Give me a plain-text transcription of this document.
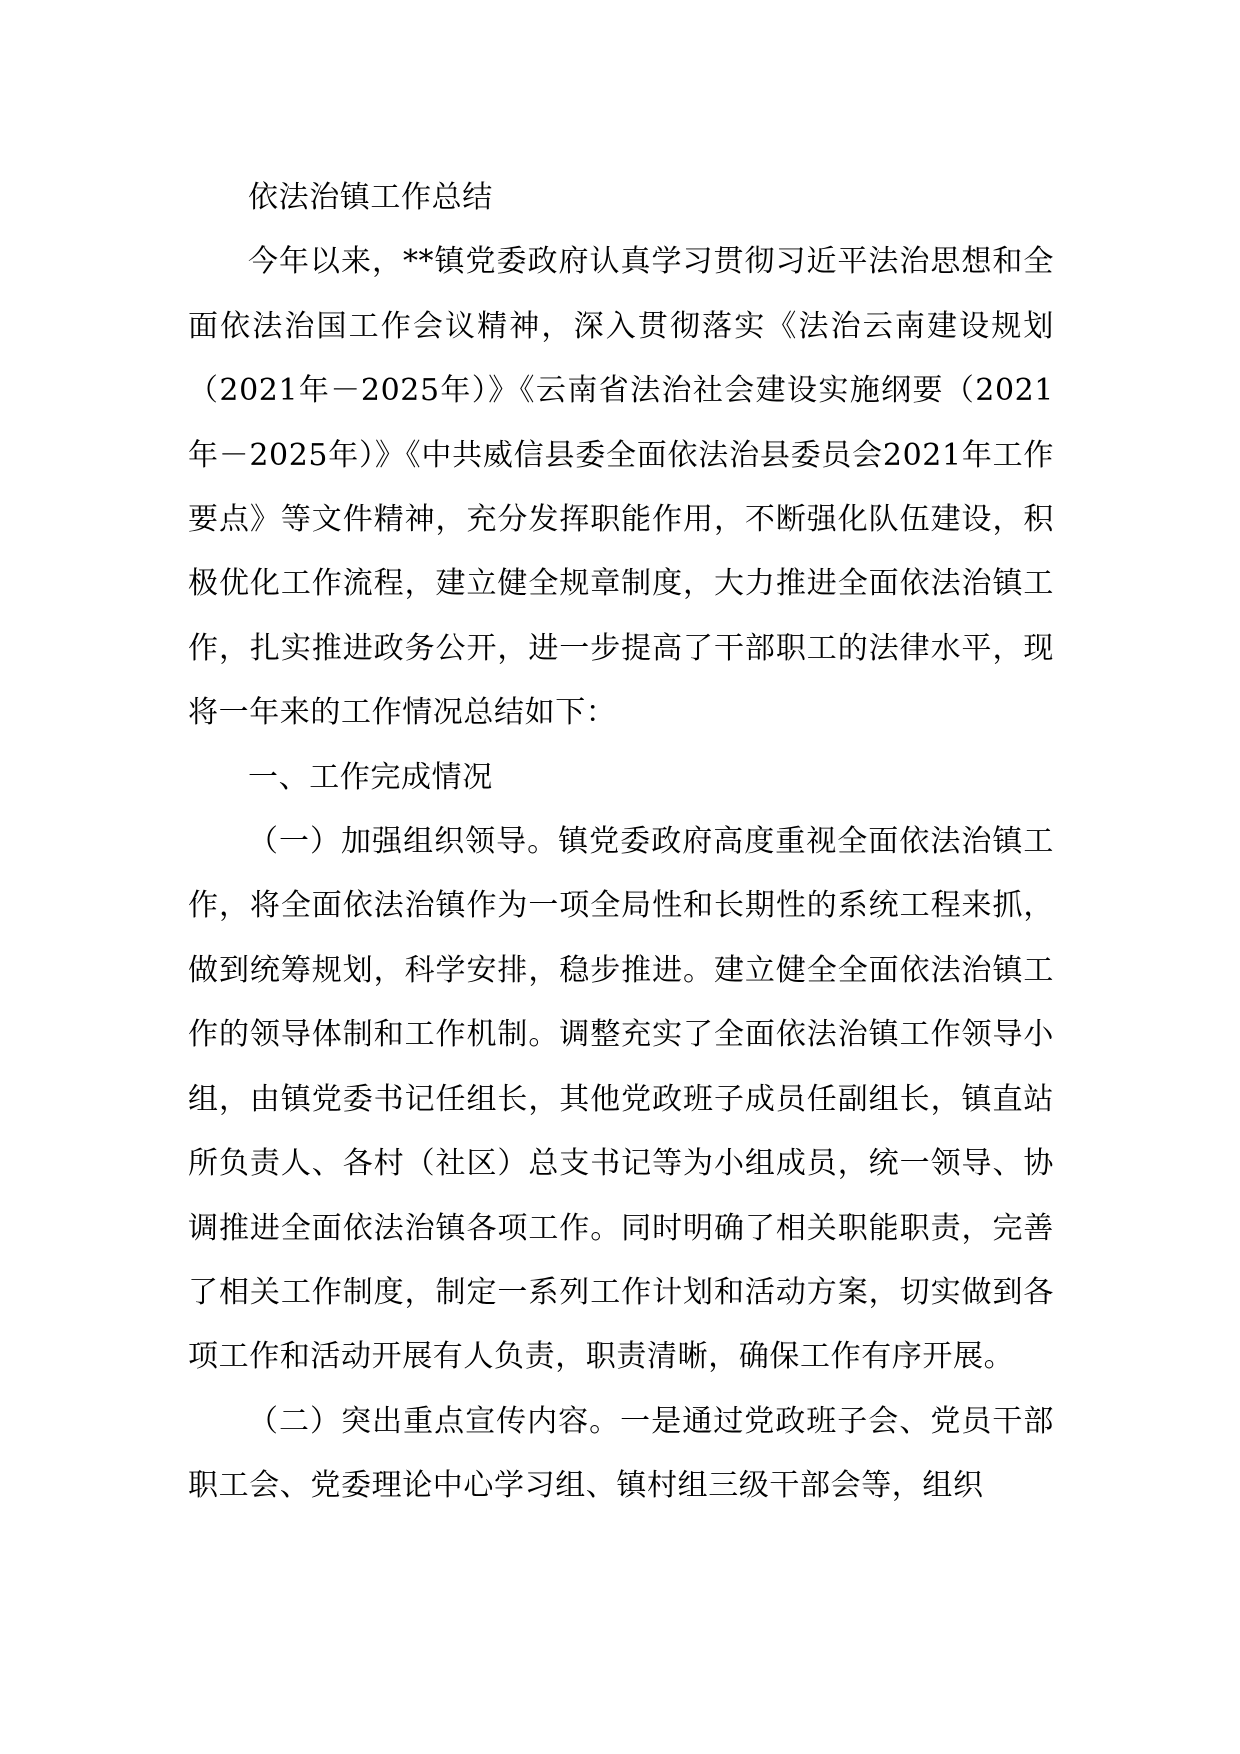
依法治镇工作总结

今年以来，**镇党委政府认真学习贯彻习近平法治思想和全面依法治国工作会议精神，深入贯彻落实《法治云南建设规划（2021年－2025年）》《云南省法治社会建设实施纲要（2021年－2025年）》《中共威信县委全面依法治县委员会2021年工作要点》等文件精神，充分发挥职能作用，不断强化队伍建设，积极优化工作流程，建立健全规章制度，大力推进全面依法治镇工作，扎实推进政务公开，进一步提高了干部职工的法律水平，现将一年来的工作情况总结如下：

一、工作完成情况

（一）加强组织领导。镇党委政府高度重视全面依法治镇工作，将全面依法治镇作为一项全局性和长期性的系统工程来抓，做到统筹规划，科学安排，稳步推进。建立健全全面依法治镇工作的领导体制和工作机制。调整充实了全面依法治镇工作领导小组，由镇党委书记任组长，其他党政班子成员任副组长，镇直站所负责人、各村（社区）总支书记等为小组成员，统一领导、协调推进全面依法治镇各项工作。同时明确了相关职能职责，完善了相关工作制度，制定一系列工作计划和活动方案，切实做到各项工作和活动开展有人负责，职责清晰，确保工作有序开展。

（二）突出重点宣传内容。一是通过党政班子会、党员干部职工会、党委理论中心学习组、镇村组三级干部会等，组织
